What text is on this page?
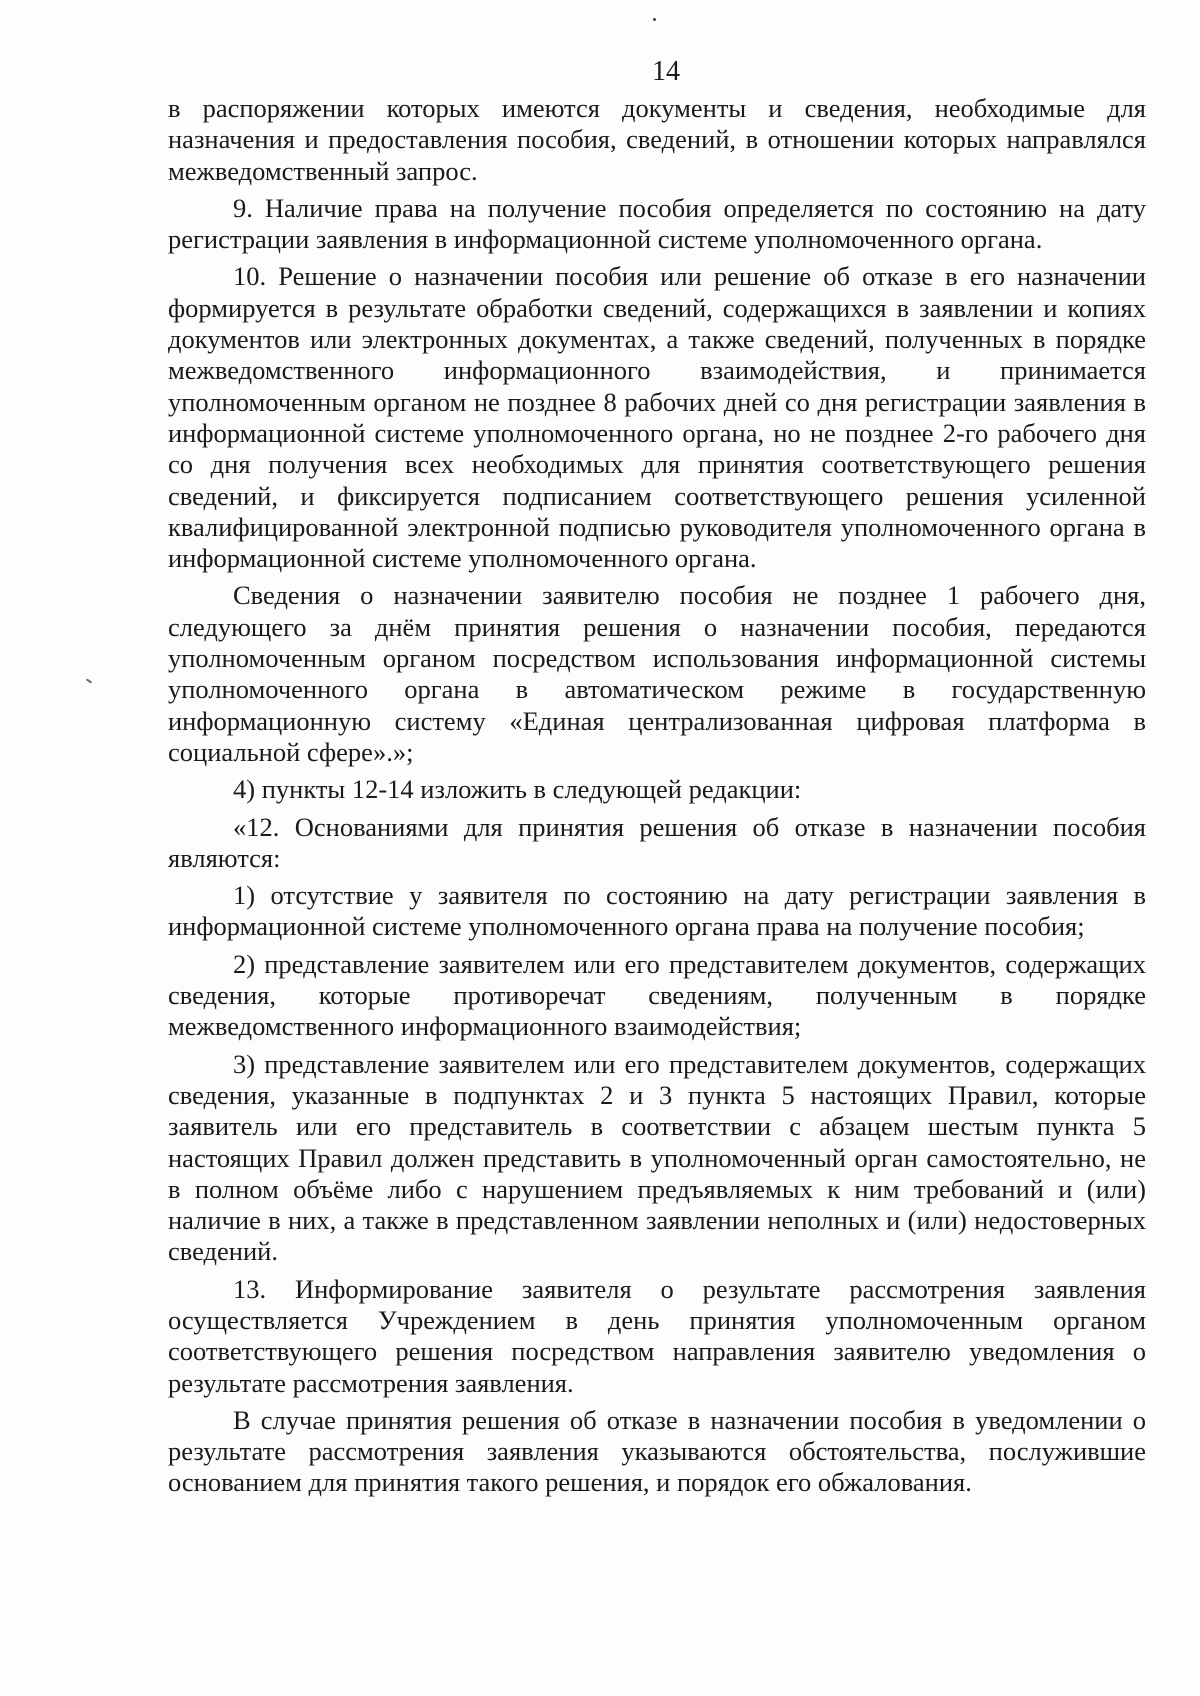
14

в распоряжении которых имеются документы и сведения, необходимые для назначения и предоставления пособия, сведений, в отношении которых направлялся межведомственный запрос.

9. Наличие права на получение пособия определяется по состоянию на дату регистрации заявления в информационной системе уполномоченного органа.

10. Решение о назначении пособия или решение об отказе в его назначении формируется в результате обработки сведений, содержащихся в заявлении и копиях документов или электронных документах, а также сведений, полученных в порядке межведомственного информационного взаимодействия, и принимается уполномоченным органом не позднее 8 рабочих дней со дня регистрации заявления в информационной системе уполномоченного органа, но не позднее 2-го рабочего дня со дня получения всех необходимых для принятия соответствующего решения сведений, и фиксируется подписанием соответствующего решения усиленной квалифицированной электронной подписью руководителя уполномоченного органа в информационной системе уполномоченного органа.

Сведения о назначении заявителю пособия не позднее 1 рабочего дня, следующего за днём принятия решения о назначении пособия, передаются уполномоченным органом посредством использования информационной системы уполномоченного органа в автоматическом режиме в государственную информационную систему «Единая централизованная цифровая платформа в социальной сфере».»;

4) пункты 12-14 изложить в следующей редакции:

«12. Основаниями для принятия решения об отказе в назначении пособия являются:

1) отсутствие у заявителя по состоянию на дату регистрации заявления в информационной системе уполномоченного органа права на получение пособия;

2) представление заявителем или его представителем документов, содержащих сведения, которые противоречат сведениям, полученным в порядке межведомственного информационного взаимодействия;

3) представление заявителем или его представителем документов, содержащих сведения, указанные в подпунктах 2 и 3 пункта 5 настоящих Правил, которые заявитель или его представитель в соответствии с абзацем шестым пункта 5 настоящих Правил должен представить в уполномоченный орган самостоятельно, не в полном объёме либо с нарушением предъявляемых к ним требований и (или) наличие в них, а также в представленном заявлении неполных и (или) недостоверных сведений.

13. Информирование заявителя о результате рассмотрения заявления осуществляется Учреждением в день принятия уполномоченным органом соответствующего решения посредством направления заявителю уведомления о результате рассмотрения заявления.

В случае принятия решения об отказе в назначении пособия в уведомлении о результате рассмотрения заявления указываются обстоятельства, послужившие основанием для принятия такого решения, и порядок его обжалования.
